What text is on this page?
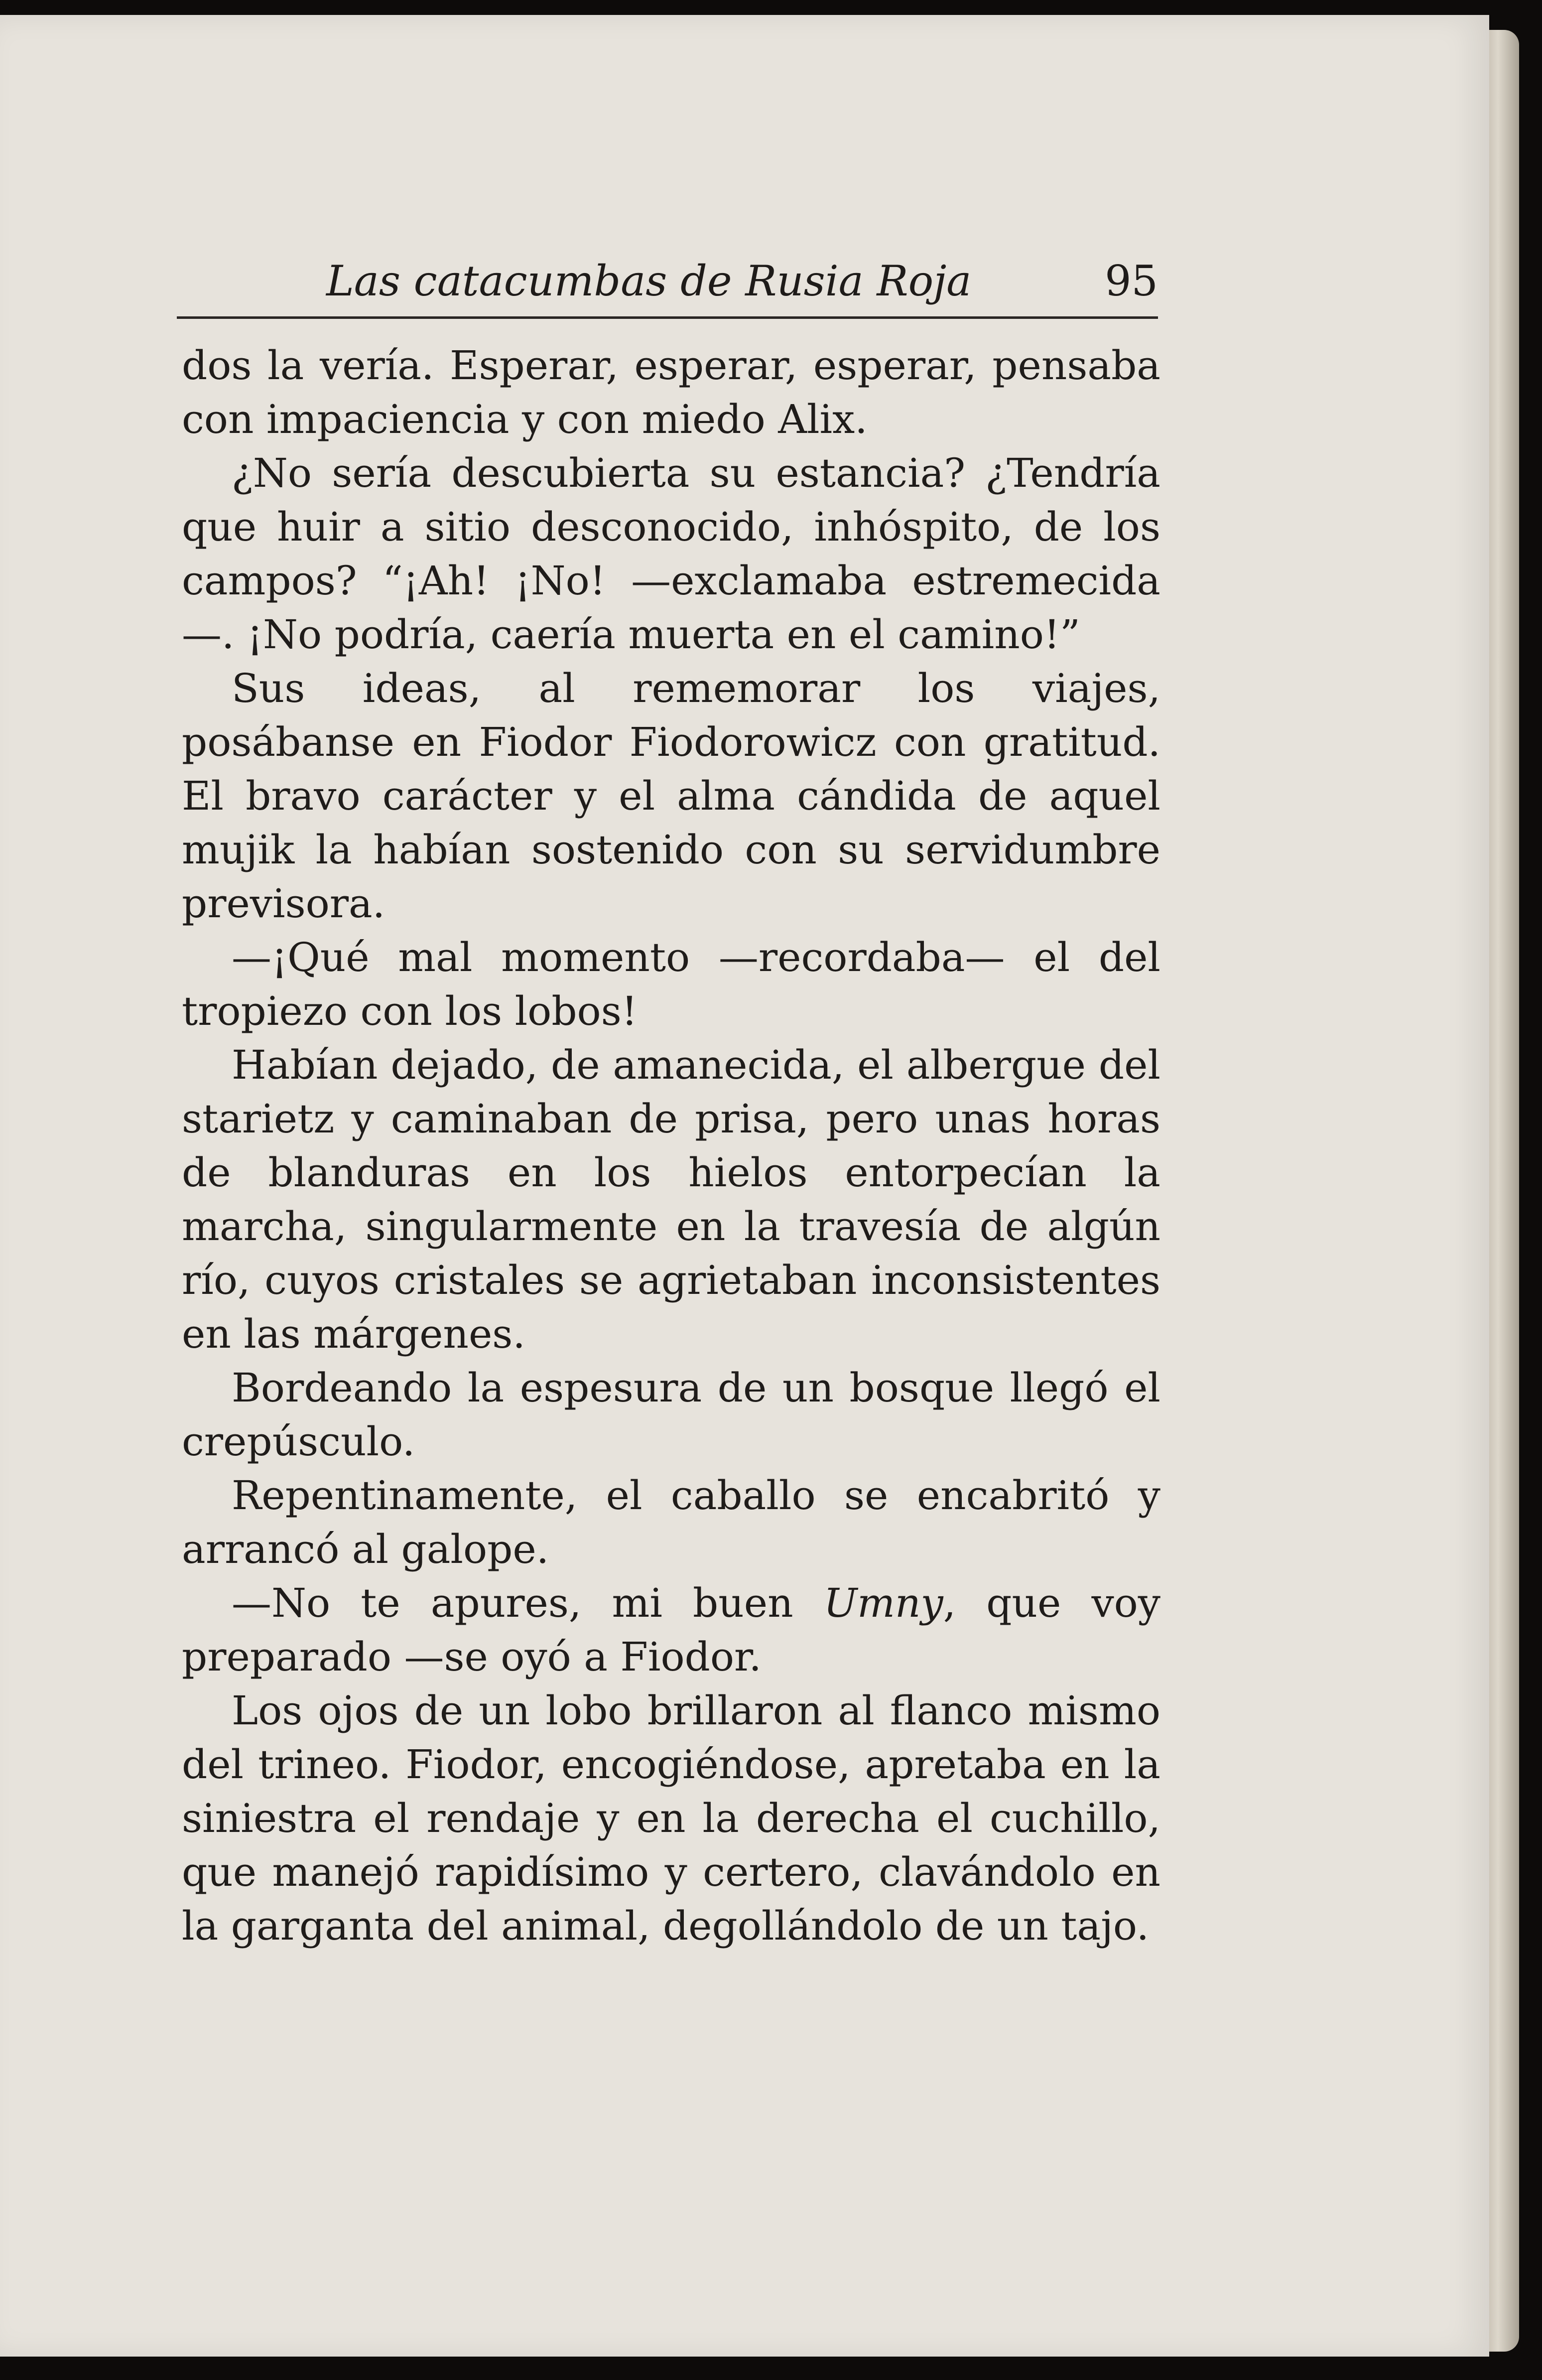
Las catacumbas de Rusia Roja	95

dos la vería. Esperar, esperar, esperar, pensaba con impaciencia y con miedo Alix.

¿No sería descubierta su estancia? ¿Tendría que huir a sitio desconocido, inhóspito, de los campos? “¡Ah! ¡No! —exclamaba estremecida—. ¡No podría, caería muerta en el camino!”

Sus ideas, al rememorar los viajes, posábanse en Fiodor Fiodorowicz con gratitud. El bravo carácter y el alma cándida de aquel mujik la habían sostenido con su servidumbre previsora.

—¡Qué mal momento —recordaba— el del tropiezo con los lobos!

Habían dejado, de amanecida, el albergue del starietz y caminaban de prisa, pero unas horas de blanduras en los hielos entorpecían la marcha, singularmente en la travesía de algún río, cuyos cristales se agrietaban inconsistentes en las márgenes.

Bordeando la espesura de un bosque llegó el crepúsculo.

Repentinamente, el caballo se encabritó y arrancó al galope.

—No te apures, mi buen Umny, que voy preparado —se oyó a Fiodor.

Los ojos de un lobo brillaron al flanco mismo del trineo. Fiodor, encogiéndose, apretaba en la siniestra el rendaje y en la derecha el cuchillo, que manejó rapidísimo y certero, clavándolo en la garganta del animal, degollándolo de un tajo.
